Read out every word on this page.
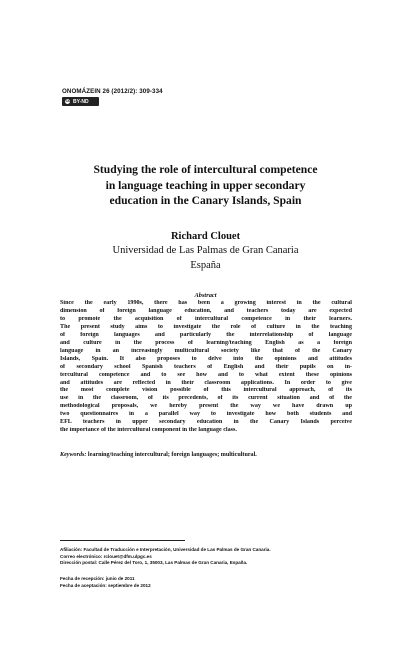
ONOMÁZEIN 26 (2012/2): 309-334
cc
BY-ND
Studying the role of intercultural competence
in language teaching in upper secondary
education in the Canary Islands, Spain
Richard Clouet
Universidad de Las Palmas de Gran Canaria
España
Abstract
Since the early 1990s, there has been a growing interest in the cultural
dimension of foreign language education, and teachers today are expected
to promote the acquisition of intercultural competence in their learners.
The present study aims to investigate the role of culture in the teaching
of foreign languages and particularly the interrelationship of language
and culture in the process of learning/teaching English as a foreign
language in an increasingly multicultural society like that of the Canary
Islands, Spain. It also proposes to delve into the opinions and attitudes
of secondary school Spanish teachers of English and their pupils on in-
tercultural competence and to see how and to what extent these opinions
and attitudes are reflected in their classroom applications. In order to give
the most complete vision possible of this intercultural approach, of its
use in the classroom, of its precedents, of its current situation and of the
methodological proposals, we hereby present the way we have drawn up
two questionnaires in a parallel way to investigate how both students and
EFL teachers in upper secondary education in the Canary Islands perceive
the importance of the intercultural component in the language class.
Keywords: learning/teaching intercultural; foreign languages; multicultural.
Afiliación: Facultad de Traducción e Interpretación, Universidad de Las Palmas de Gran Canaria.
Correo electrónico: rclouet@dfm.ulpgc.es
Dirección postal: Calle Pérez del Toro, 1, 35003, Las Palmas de Gran Canaria, España.
Fecha de recepción: junio de 2011
Fecha de aceptación: septiembre de 2012
